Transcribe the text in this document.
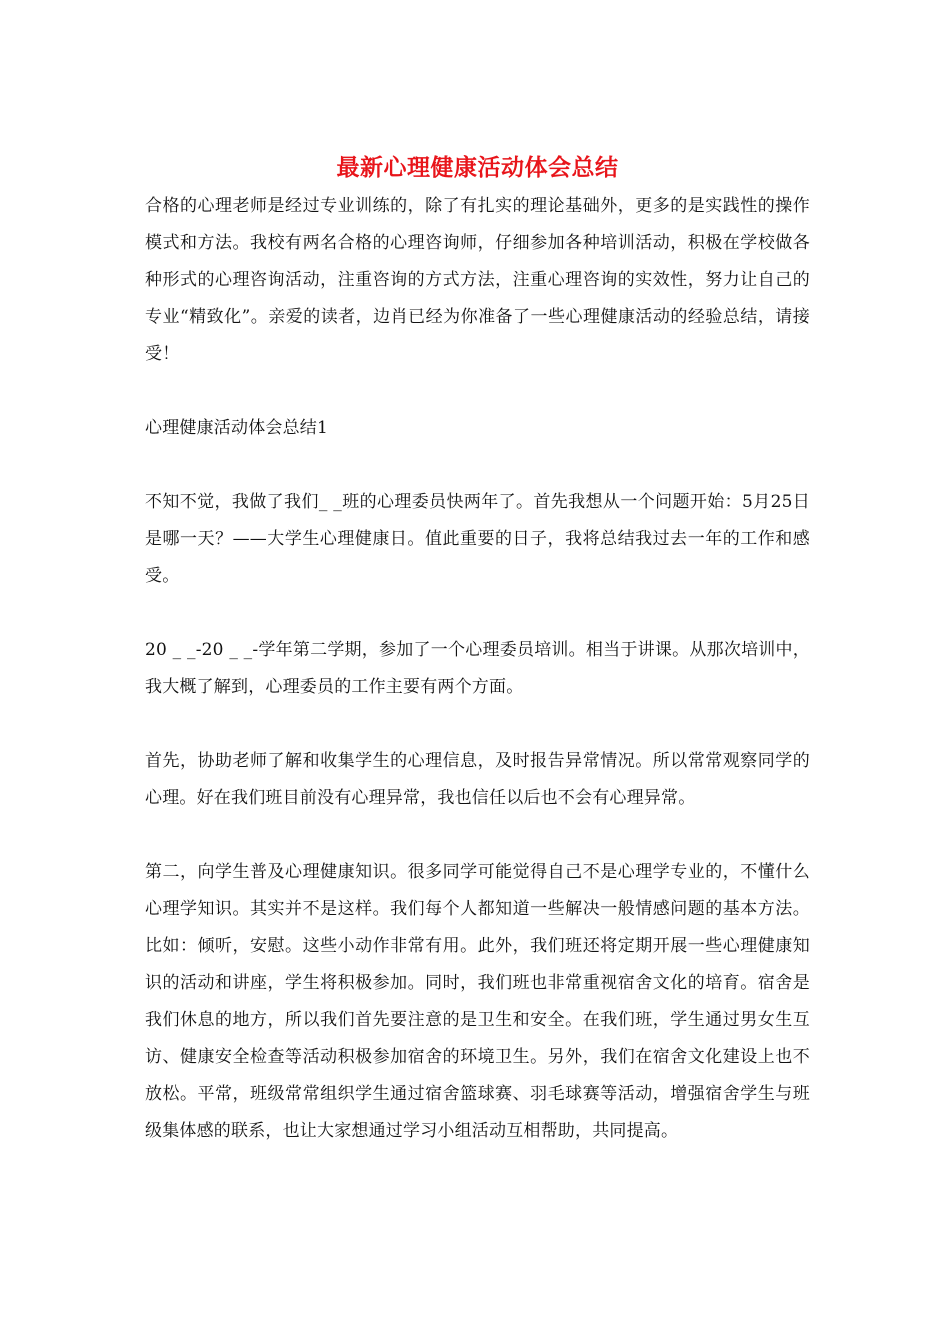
最新心理健康活动体会总结

合格的心理老师是经过专业训练的，除了有扎实的理论基础外，更多的是实践性的操作模式和方法。我校有两名合格的心理咨询师，仔细参加各种培训活动，积极在学校做各种形式的心理咨询活动，注重咨询的方式方法，注重心理咨询的实效性，努力让自己的专业“精致化”。亲爱的读者，边肖已经为你准备了一些心理健康活动的经验总结，请接受！

心理健康活动体会总结1

不知不觉，我做了我们_ _班的心理委员快两年了。首先我想从一个问题开始：5月25日是哪一天？——大学生心理健康日。值此重要的日子，我将总结我过去一年的工作和感受。

20 _ _-20 _ _-学年第二学期，参加了一个心理委员培训。相当于讲课。从那次培训中，我大概了解到，心理委员的工作主要有两个方面。

首先，协助老师了解和收集学生的心理信息，及时报告异常情况。所以常常观察同学的心理。好在我们班目前没有心理异常，我也信任以后也不会有心理异常。

第二，向学生普及心理健康知识。很多同学可能觉得自己不是心理学专业的，不懂什么心理学知识。其实并不是这样。我们每个人都知道一些解决一般情感问题的基本方法。比如：倾听，安慰。这些小动作非常有用。此外，我们班还将定期开展一些心理健康知识的活动和讲座，学生将积极参加。同时，我们班也非常重视宿舍文化的培育。宿舍是我们休息的地方，所以我们首先要注意的是卫生和安全。在我们班，学生通过男女生互访、健康安全检查等活动积极参加宿舍的环境卫生。另外，我们在宿舍文化建设上也不放松。平常，班级常常组织学生通过宿舍篮球赛、羽毛球赛等活动，增强宿舍学生与班级集体感的联系，也让大家想通过学习小组活动互相帮助，共同提高。
